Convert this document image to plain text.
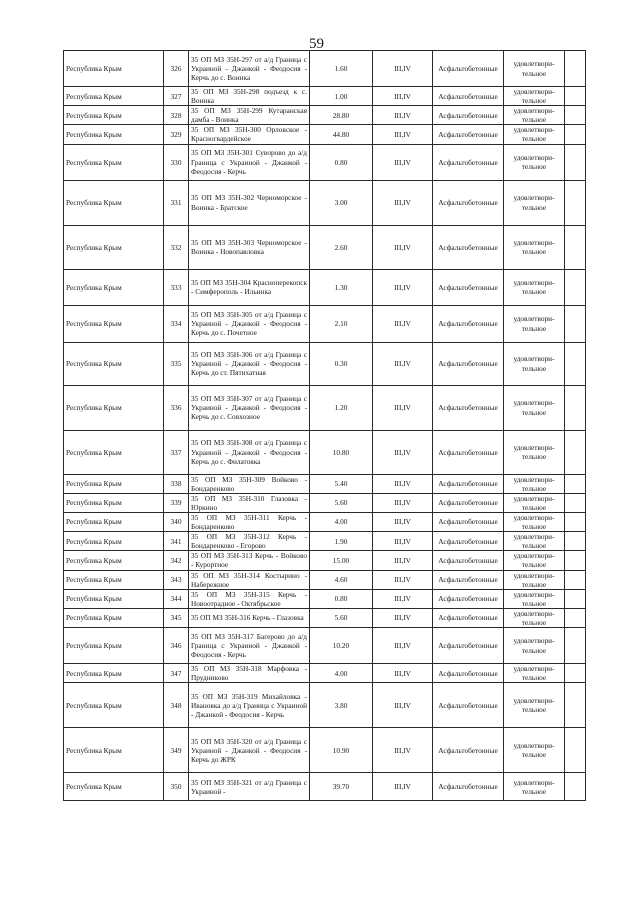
59
Республика Крым	326	35 ОП МЗ 35Н-297 от а/д Граница с Украиной - Джанкой - Феодосия - Керчь до с. Воинка	1.60	III,IV	Асфальтобетонные	удовлетвори-тельное	
Республика Крым	327	35 ОП МЗ 35Н-298 подъезд к с. Воинка	1.00	III,IV	Асфальтобетонные	удовлетвори-тельное	
Республика Крым	328	35 ОП МЗ 35Н-299 Кутаранская дамба - Воинка	28.80	III,IV	Асфальтобетонные	удовлетвори-тельное	
Республика Крым	329	35 ОП МЗ 35Н-300 Орловское - Красногвардейское	44.80	III,IV	Асфальтобетонные	удовлетвори-тельное	
Республика Крым	330	35 ОП МЗ 35Н-301 Суворово до а/д Граница с Украиной - Джанкой - Феодосия - Керчь	0.80	III,IV	Асфальтобетонные	удовлетвори-тельное	
Республика Крым	331	35 ОП МЗ 35Н-302 Черноморское - Воинка - Братское	3.00	III,IV	Асфальтобетонные	удовлетвори-тельное	
Республика Крым	332	35 ОП МЗ 35Н-303 Черноморское - Воинка - Новопавловка	2.60	III,IV	Асфальтобетонные	удовлетвори-тельное	
Республика Крым	333	35 ОП МЗ 35Н-304 Красноперекопск - Симферополь - Ильинка	1.30	III,IV	Асфальтобетонные	удовлетвори-тельное	
Республика Крым	334	35 ОП МЗ 35Н-305 от а/д Граница с Украиной - Джанкой - Феодосия - Керчь до с. Почетное	2.10	III,IV	Асфальтобетонные	удовлетвори-тельное	
Республика Крым	335	35 ОП МЗ 35Н-306 от а/д Граница с Украиной - Джанкой - Феодосия - Керчь до ст. Пятихатная	0.30	III,IV	Асфальтобетонные	удовлетвори-тельное	
Республика Крым	336	35 ОП МЗ 35Н-307 от а/д Граница с Украиной - Джанкой - Феодосия - Керчь до с. Совхозное	1.20	III,IV	Асфальтобетонные	удовлетвори-тельное	
Республика Крым	337	35 ОП МЗ 35Н-308 от а/д Граница с Украиной - Джанкой - Феодосия - Керчь до с. Филатовка	10.80	III,IV	Асфальтобетонные	удовлетвори-тельное	
Республика Крым	338	35 ОП МЗ 35Н-309 Войково - Бондаренково	5.40	III,IV	Асфальтобетонные	удовлетвори-тельное	
Республика Крым	339	35 ОП МЗ 35Н-310 Глазовка - Юркино	5.60	III,IV	Асфальтобетонные	удовлетвори-тельное	
Республика Крым	340	35 ОП МЗ 35Н-311 Керчь - Бондаренково	4.00	III,IV	Асфальтобетонные	удовлетвори-тельное	
Республика Крым	341	35 ОП МЗ 35Н-312 Керчь - Бондаренково - Егорово	1.90	III,IV	Асфальтобетонные	удовлетвори-тельное	
Республика Крым	342	35 ОП МЗ 35Н-313 Керчь - Войково - Курортное	15.00	III,IV	Асфальтобетонные	удовлетвори-тельное	
Республика Крым	343	35 ОП МЗ 35Н-314 Костырино - Набережное	4.60	III,IV	Асфальтобетонные	удовлетвори-тельное	
Республика Крым	344	35 ОП МЗ 35Н-315 Керчь - Новоотрадное - Октябрьское	0.80	III,IV	Асфальтобетонные	удовлетвори-тельное	
Республика Крым	345	35 ОП МЗ 35Н-316 Керчь - Глазовка	5.60	III,IV	Асфальтобетонные	удовлетвори-тельное	
Республика Крым	346	35 ОП МЗ 35Н-317 Багерово до а/д Граница с Украиной - Джанкой - Феодосия - Керчь	10.20	III,IV	Асфальтобетонные	удовлетвори-тельное	
Республика Крым	347	35 ОП МЗ 35Н-318 Марфовка - Прудниково	4.00	III,IV	Асфальтобетонные	удовлетвори-тельное	
Республика Крым	348	35 ОП МЗ 35Н-319 Михайловка - Ивановка до а/д Граница с Украиной - Джанкой - Феодосия - Керчь	3.80	III,IV	Асфальтобетонные	удовлетвори-тельное	
Республика Крым	349	35 ОП МЗ 35Н-320 от а/д Граница с Украиной - Джанкой - Феодосия - Керчь до ЖРК	10.90	III,IV	Асфальтобетонные	удовлетвори-тельное	
Республика Крым	350	35 ОП МЗ 35Н-321 от а/д Граница с Украиной -	39.70	III,IV	Асфальтобетонные	удовлетвори-тельное	
